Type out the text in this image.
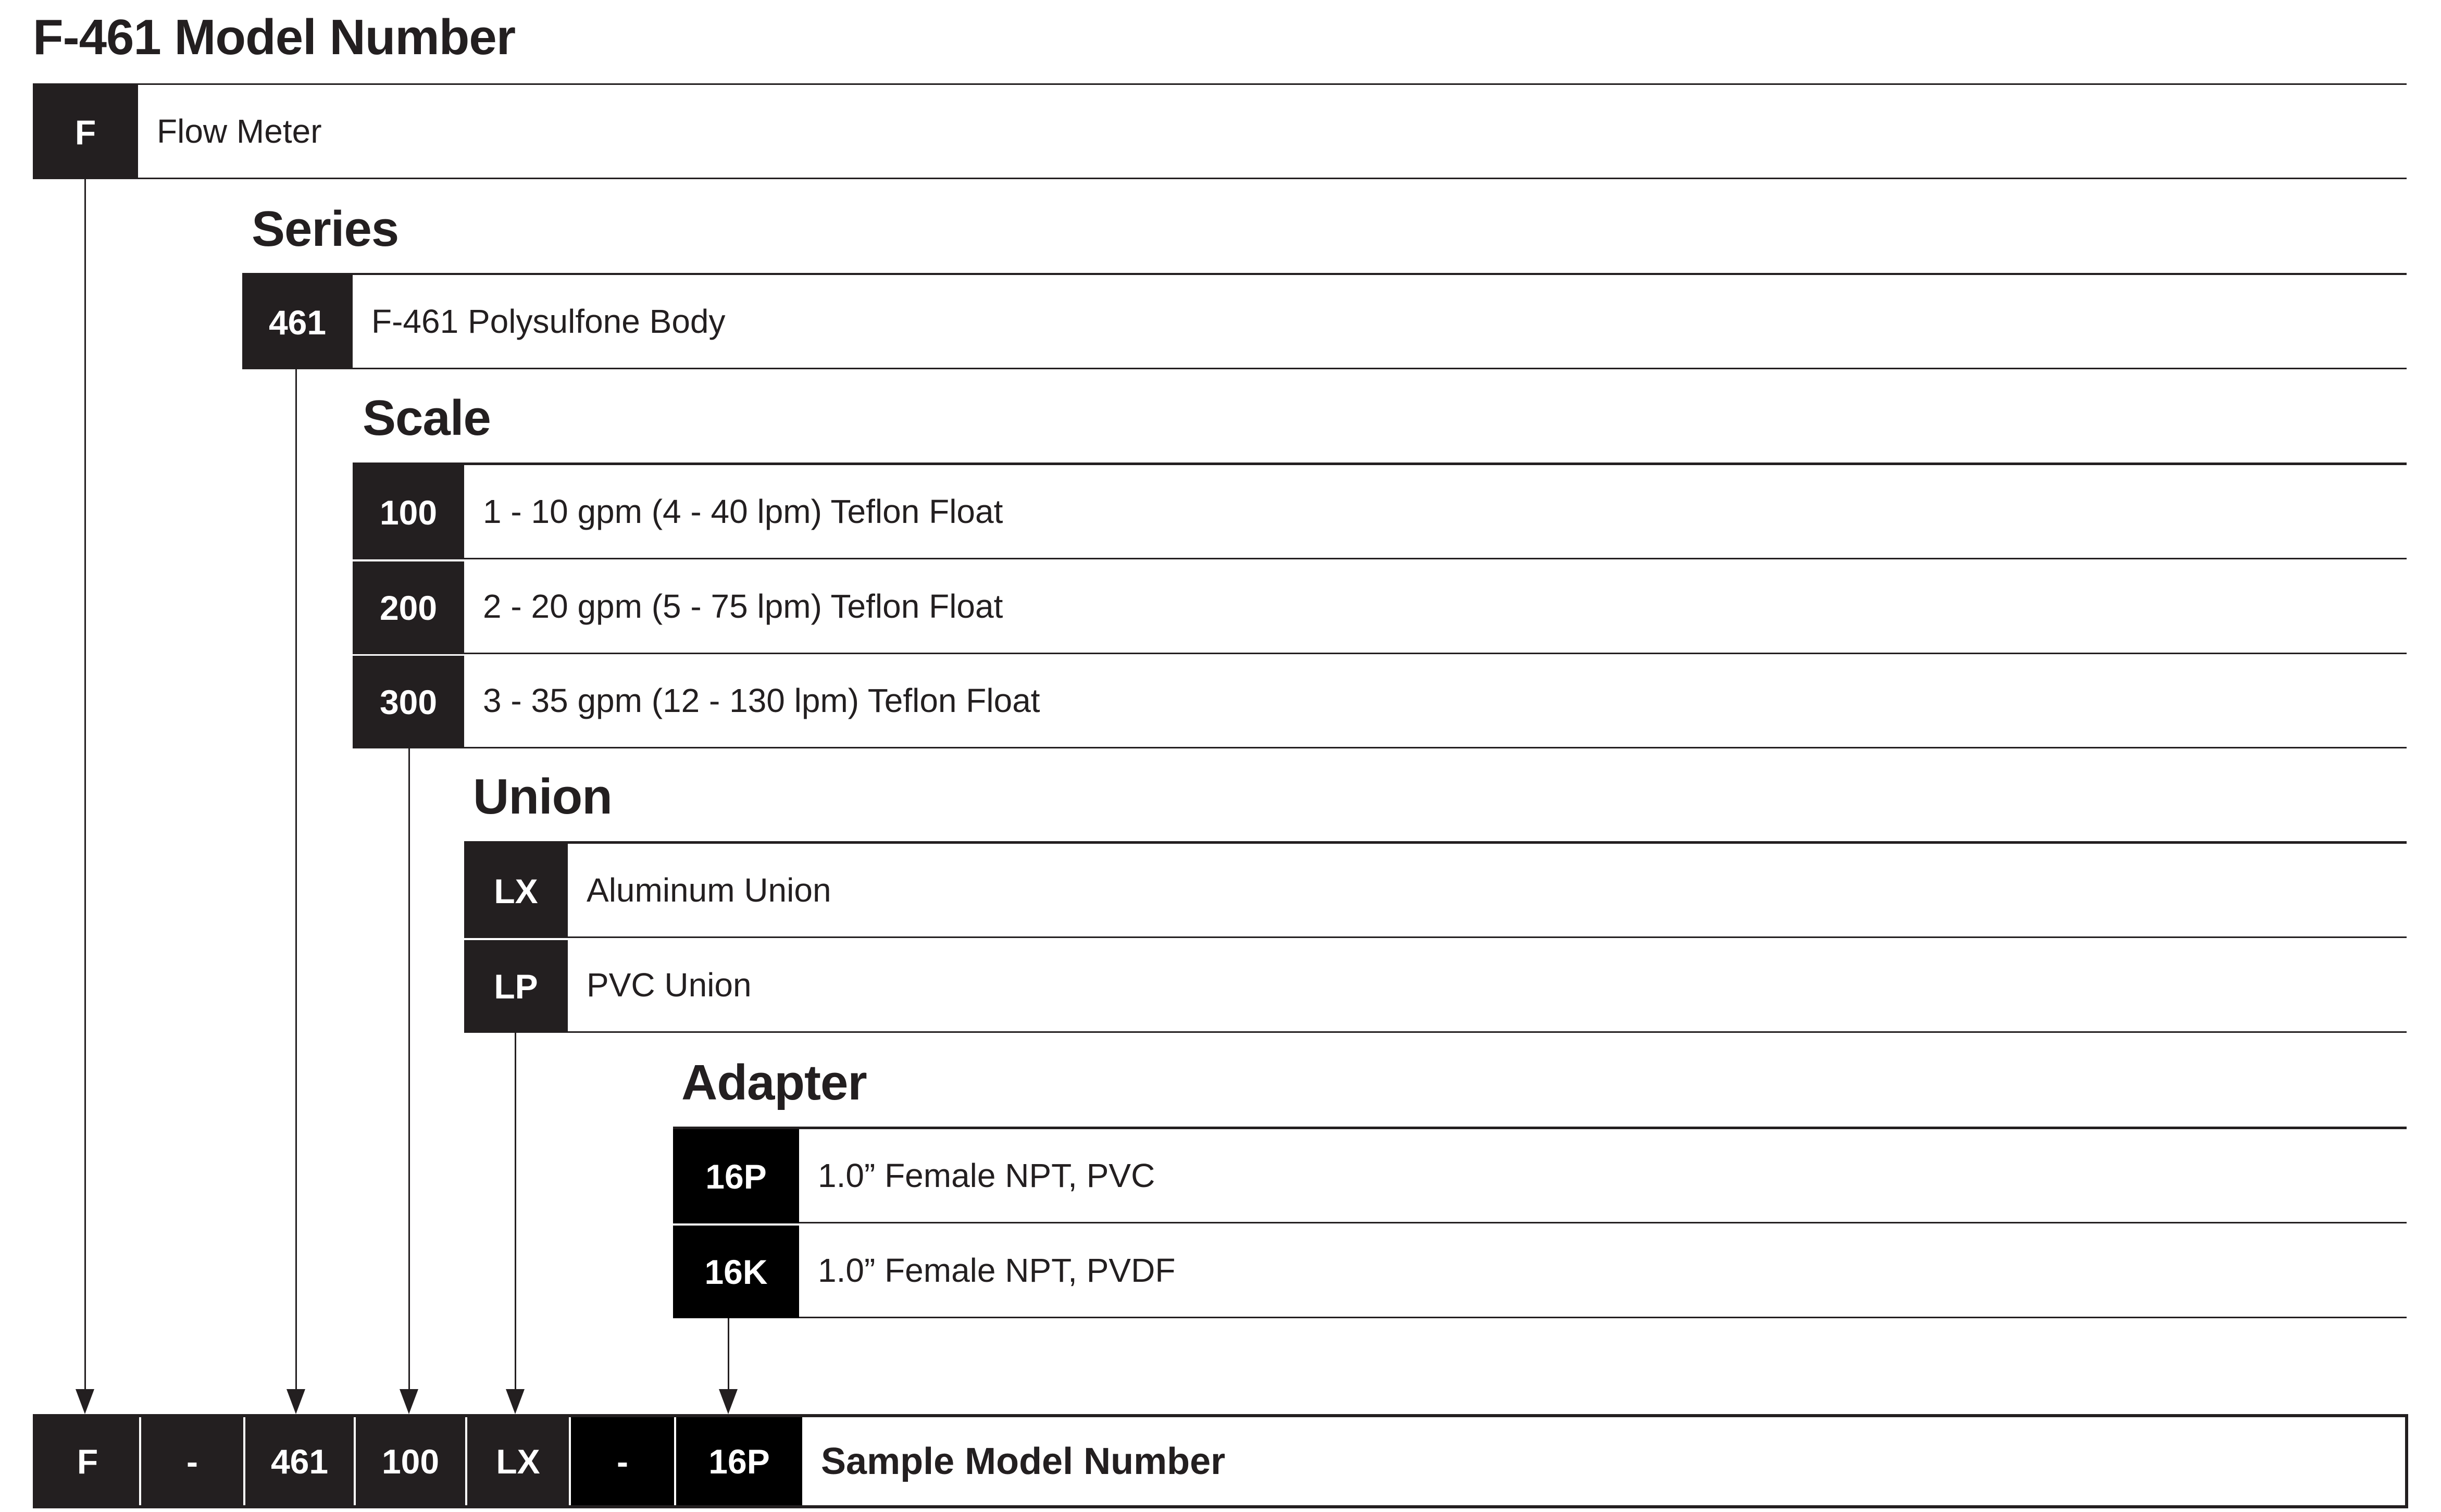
F-461 Model Number
F	Flow Meter
Series
461	F-461 Polysulfone Body
Scale
100	1 - 10 gpm (4 - 40 lpm) Teflon Float
200	2 - 20 gpm (5 - 75 lpm) Teflon Float
300	3 - 35 gpm (12 - 130 lpm) Teflon Float
Union
LX	Aluminum Union
LP	PVC Union
Adapter
16P	1.0” Female NPT, PVC
16K	1.0” Female NPT, PVDF
F	-	461	100	LX	-	16P	Sample Model Number
